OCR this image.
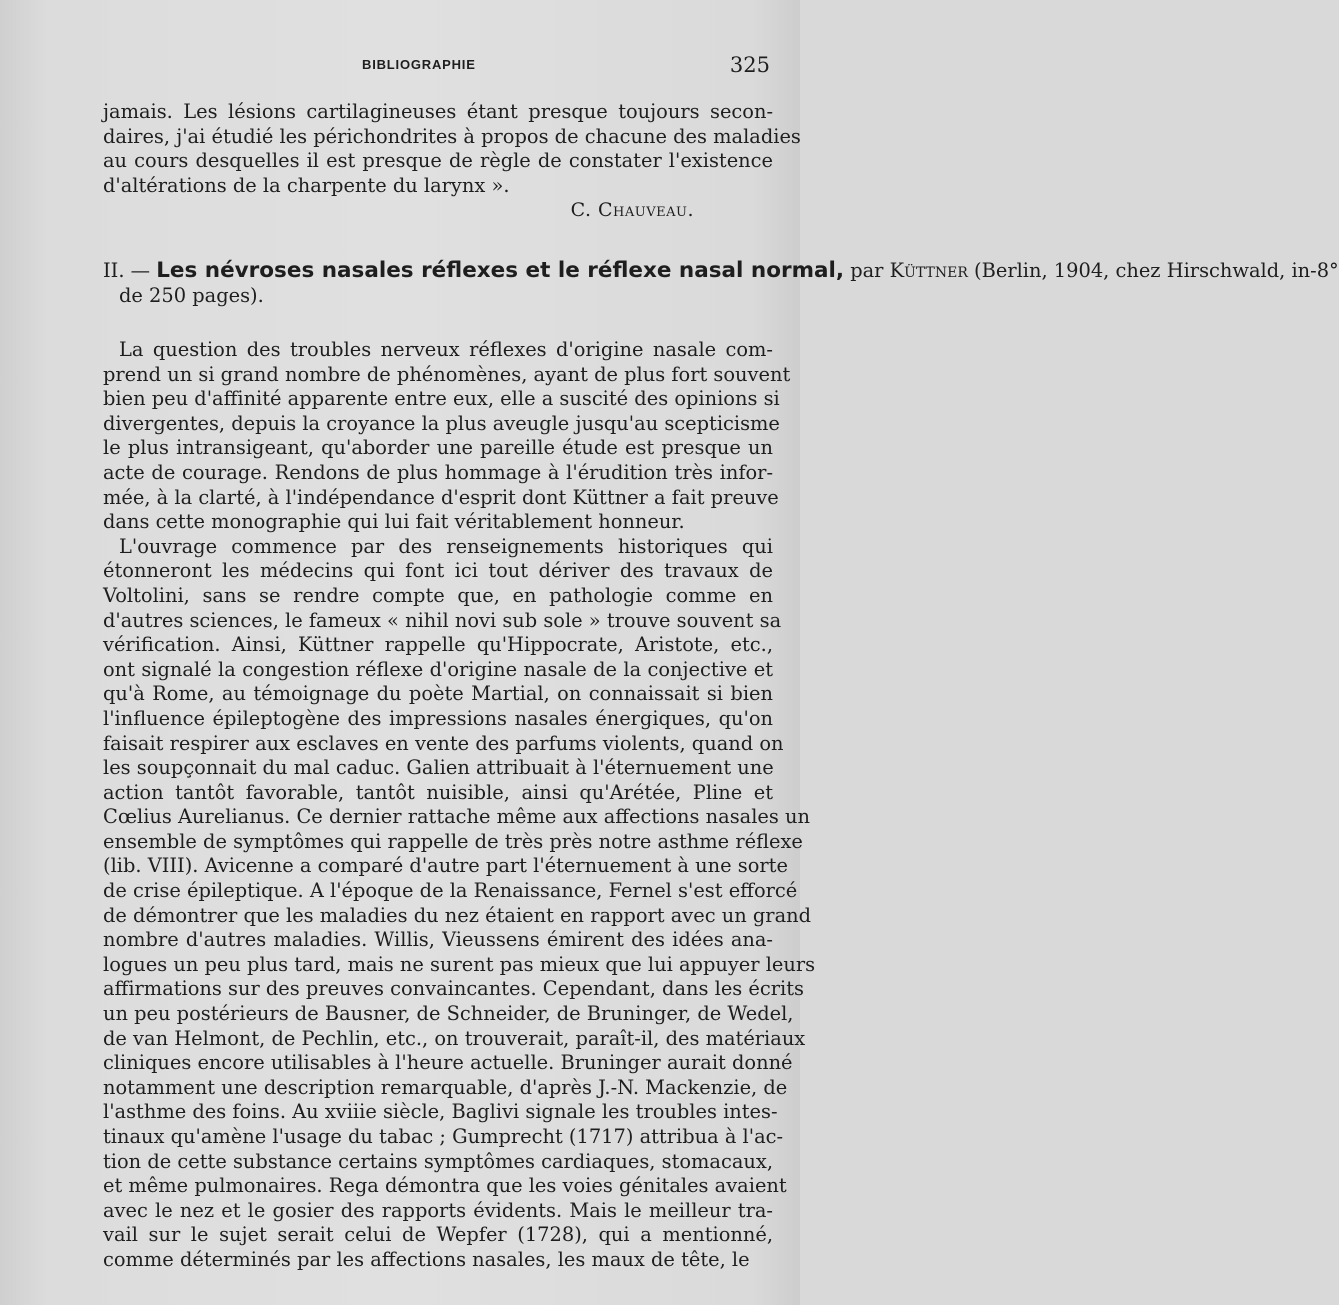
BIBLIOGRAPHIE	325
jamais. Les lésions cartilagineuses étant presque toujours secon-
daires, j'ai étudié les périchondrites à propos de chacune des maladies
au cours desquelles il est presque de règle de constater l'existence
d'altérations de la charpente du larynx ».
C. Chauveau.
II. — Les névroses nasales réflexes et le réflexe nasal normal, par Küttner (Berlin, 1904, chez Hirschwald, in-8°
de 250 pages).
La question des troubles nerveux réflexes d'origine nasale com-
prend un si grand nombre de phénomènes, ayant de plus fort souvent
bien peu d'affinité apparente entre eux, elle a suscité des opinions si
divergentes, depuis la croyance la plus aveugle jusqu'au scepticisme
le plus intransigeant, qu'aborder une pareille étude est presque un
acte de courage. Rendons de plus hommage à l'érudition très infor-
mée, à la clarté, à l'indépendance d'esprit dont Küttner a fait preuve
dans cette monographie qui lui fait véritablement honneur.
L'ouvrage commence par des renseignements historiques qui
étonneront les médecins qui font ici tout dériver des travaux de
Voltolini, sans se rendre compte que, en pathologie comme en
d'autres sciences, le fameux « nihil novi sub sole » trouve souvent sa
vérification. Ainsi, Küttner rappelle qu'Hippocrate, Aristote, etc.,
ont signalé la congestion réflexe d'origine nasale de la conjective et
qu'à Rome, au témoignage du poète Martial, on connaissait si bien
l'influence épileptogène des impressions nasales énergiques, qu'on
faisait respirer aux esclaves en vente des parfums violents, quand on
les soupçonnait du mal caduc. Galien attribuait à l'éternuement une
action tantôt favorable, tantôt nuisible, ainsi qu'Arétée, Pline et
Cœlius Aurelianus. Ce dernier rattache même aux affections nasales un
ensemble de symptômes qui rappelle de très près notre asthme réflexe
(lib. VIII). Avicenne a comparé d'autre part l'éternuement à une sorte
de crise épileptique. A l'époque de la Renaissance, Fernel s'est efforcé
de démontrer que les maladies du nez étaient en rapport avec un grand
nombre d'autres maladies. Willis, Vieussens émirent des idées ana-
logues un peu plus tard, mais ne surent pas mieux que lui appuyer leurs
affirmations sur des preuves convaincantes. Cependant, dans les écrits
un peu postérieurs de Bausner, de Schneider, de Bruninger, de Wedel,
de van Helmont, de Pechlin, etc., on trouverait, paraît-il, des matériaux
cliniques encore utilisables à l'heure actuelle. Bruninger aurait donné
notamment une description remarquable, d'après J.-N. Mackenzie, de
l'asthme des foins. Au xviiie siècle, Baglivi signale les troubles intes-
tinaux qu'amène l'usage du tabac ; Gumprecht (1717) attribua à l'ac-
tion de cette substance certains symptômes cardiaques, stomacaux,
et même pulmonaires. Rega démontra que les voies génitales avaient
avec le nez et le gosier des rapports évidents. Mais le meilleur tra-
vail sur le sujet serait celui de Wepfer (1728), qui a mentionné,
comme déterminés par les affections nasales, les maux de tête, le
